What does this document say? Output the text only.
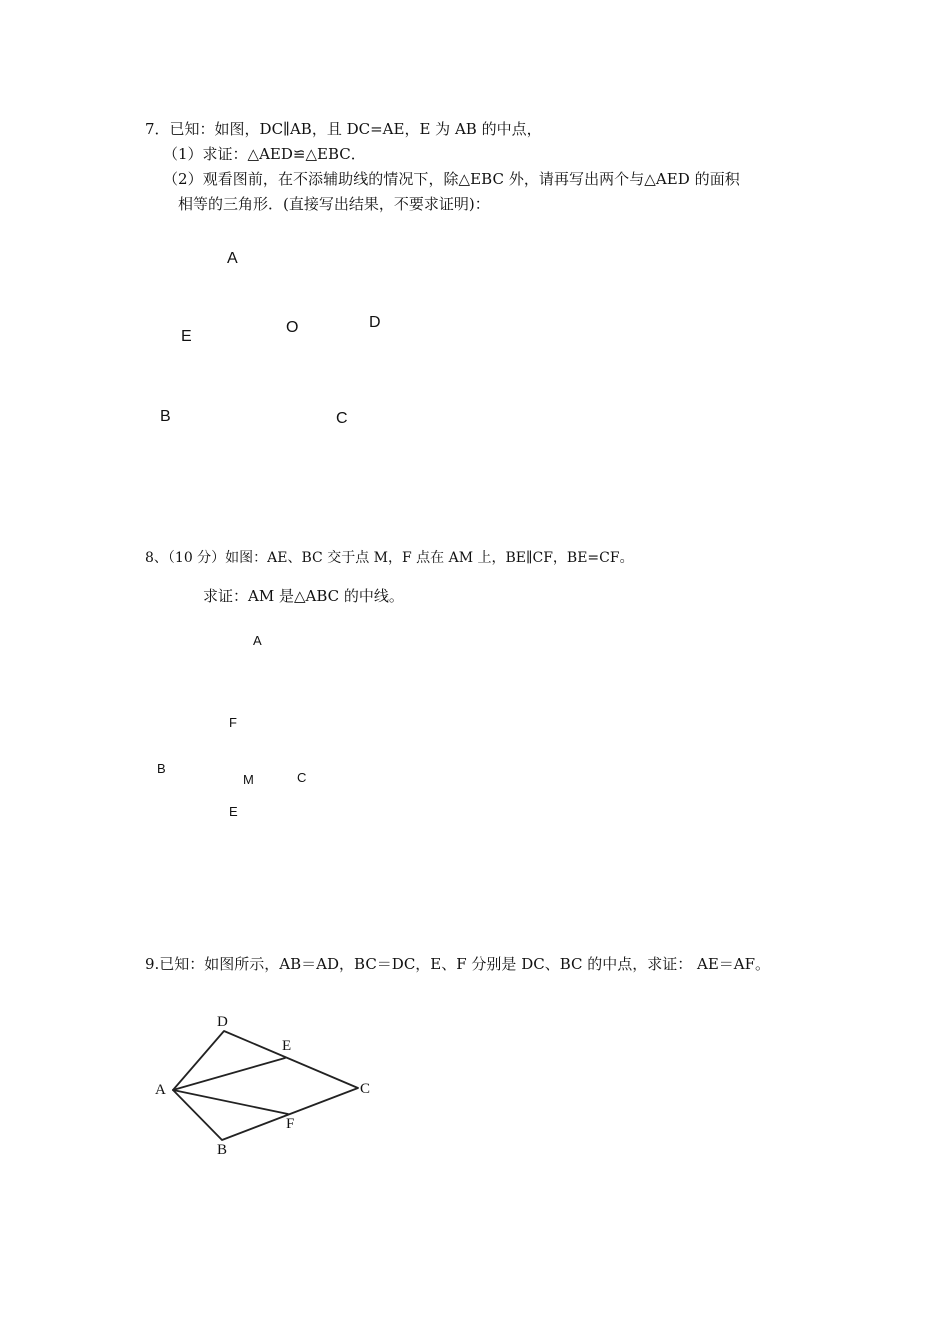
7．已知：如图，DC∥AB，且 DC=AE，E 为 AB 的中点，
（1）求证：△AED≌△EBC．
（2）观看图前，在不添辅助线的情况下，除△EBC 外，请再写出两个与△AED 的面积
相等的三角形．(直接写出结果，不要求证明)：
A
E
O	D
B	C
8、（10 分）如图：AE、BC 交于点 M，F 点在 AM 上，BE∥CF，BE=CF。
求证：AM 是△ABC 的中线。
A
F
B
M	C
E
9.已知：如图所示，AB＝AD，BC＝DC，E、F 分别是 DC、BC 的中点，求证： AE＝AF。
D
E
A	C
F
B
